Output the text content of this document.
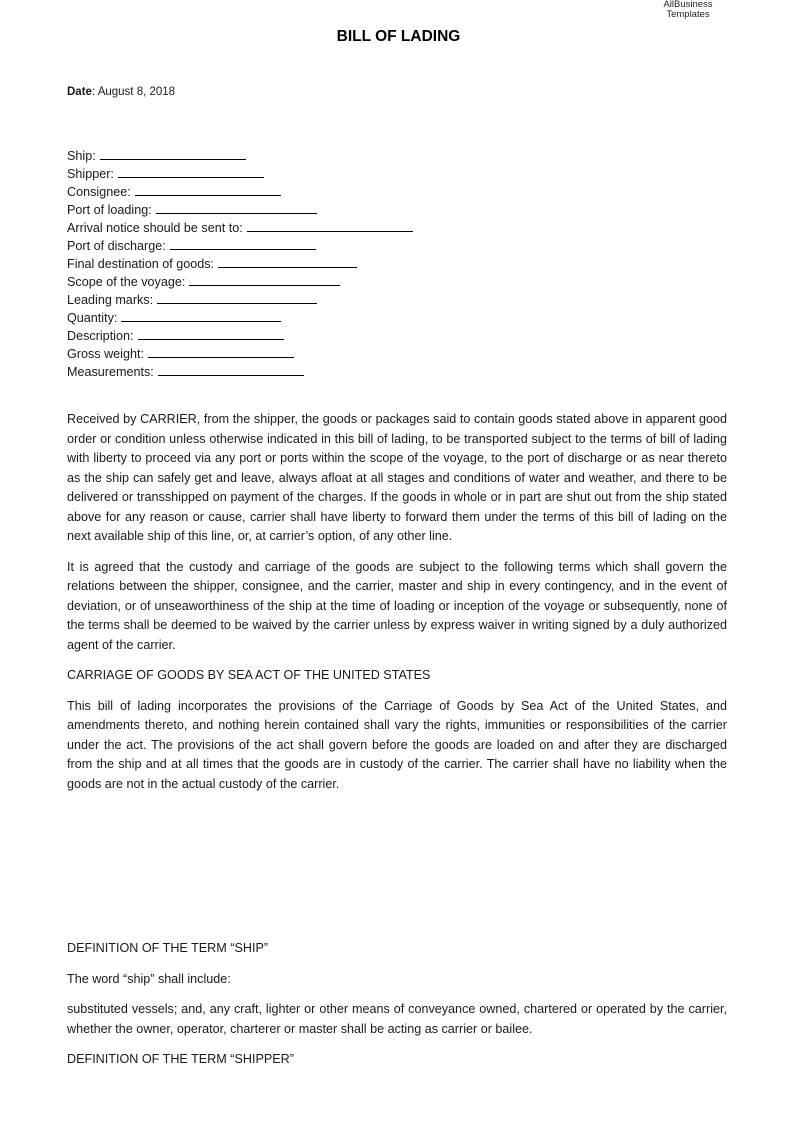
AllBusiness
Templates
BILL OF LADING
Date: August 8, 2018
Ship:
Shipper:
Consignee:
Port of loading:
Arrival notice should be sent to:
Port of discharge:
Final destination of goods:
Scope of the voyage:
Leading marks:
Quantity:
Description:
Gross weight:
Measurements:

Received by CARRIER, from the shipper, the goods or packages said to contain goods stated above in apparent good order or condition unless otherwise indicated in this bill of lading, to be transported subject to the terms of bill of lading with liberty to proceed via any port or ports within the scope of the voyage, to the port of discharge or as near thereto as the ship can safely get and leave, always afloat at all stages and conditions of water and weather, and there to be delivered or transshipped on payment of the charges. If the goods in whole or in part are shut out from the ship stated above for any reason or cause, carrier shall have liberty to forward them under the terms of this bill of lading on the next available ship of this line, or, at carrier’s option, of any other line.

It is agreed that the custody and carriage of the goods are subject to the following terms which shall govern the relations between the shipper, consignee, and the carrier, master and ship in every contingency, and in the event of deviation, or of unseaworthiness of the ship at the time of loading or inception of the voyage or subsequently, none of the terms shall be deemed to be waived by the carrier unless by express waiver in writing signed by a duly authorized agent of the carrier.

CARRIAGE OF GOODS BY SEA ACT OF THE UNITED STATES

This bill of lading incorporates the provisions of the Carriage of Goods by Sea Act of the United States, and amendments thereto, and nothing herein contained shall vary the rights, immunities or responsibilities of the carrier under the act. The provisions of the act shall govern before the goods are loaded on and after they are discharged from the ship and at all times that the goods are in custody of the carrier. The carrier shall have no liability when the goods are not in the actual custody of the carrier.

DEFINITION OF THE TERM “SHIP”

The word “ship” shall include:

substituted vessels; and, any craft, lighter or other means of conveyance owned, chartered or operated by the carrier, whether the owner, operator, charterer or master shall be acting as carrier or bailee.

DEFINITION OF THE TERM “SHIPPER”
